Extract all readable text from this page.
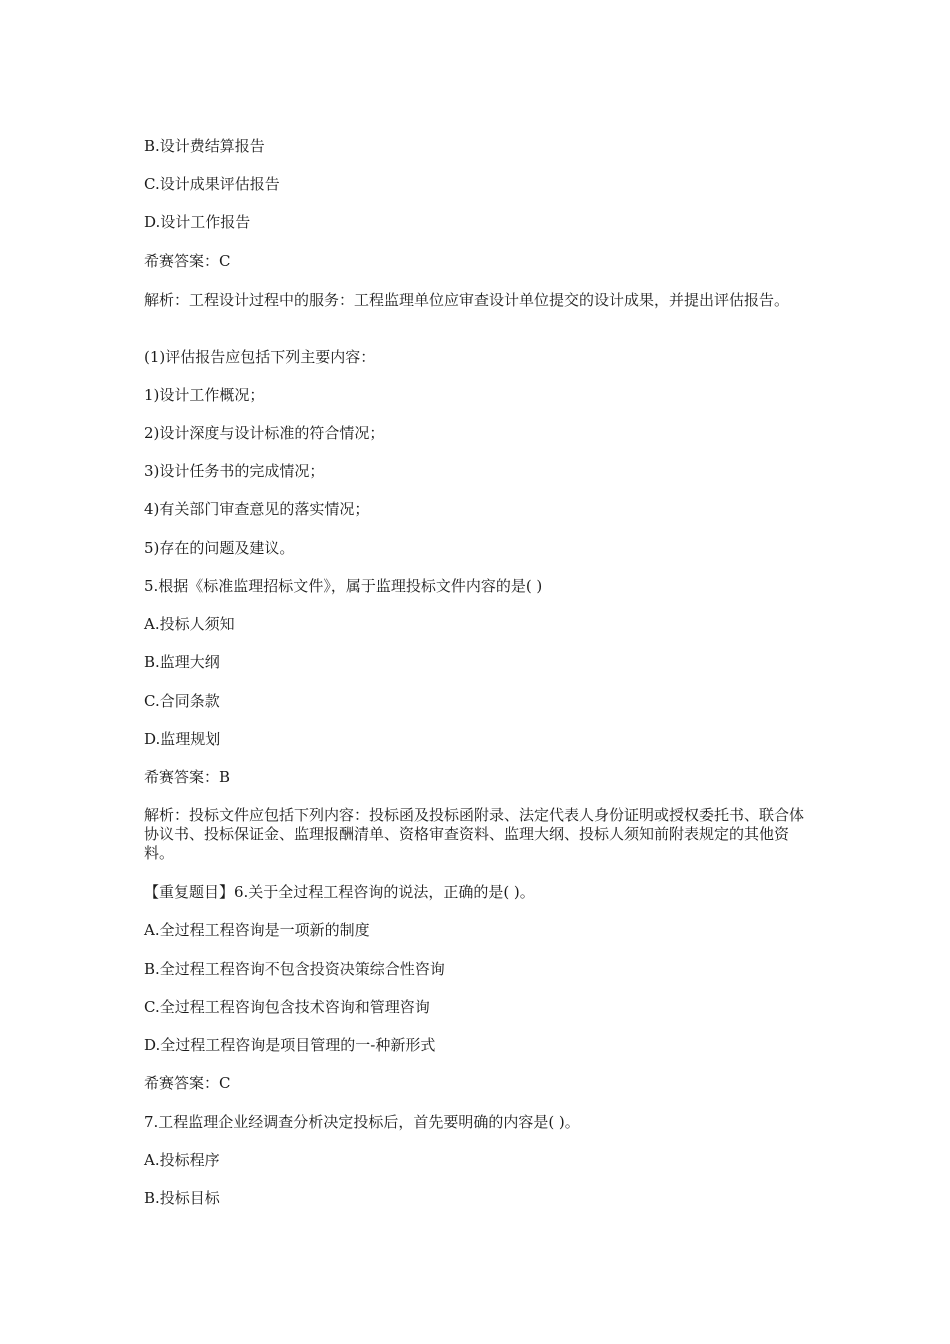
B.设计费结算报告
C.设计成果评估报告
D.设计工作报告
希赛答案：C
解析：工程设计过程中的服务：工程监理单位应审查设计单位提交的设计成果，并提出评估报告。
(1)评估报告应包括下列主要内容：
1)设计工作概况；
2)设计深度与设计标准的符合情况；
3)设计任务书的完成情况；
4)有关部门审查意见的落实情况；
5)存在的问题及建议。
5.根据《标准监理招标文件》，属于监理投标文件内容的是( )
A.投标人须知
B.监理大纲
C.合同条款
D.监理规划
希赛答案：B
解析：投标文件应包括下列内容：投标函及投标函附录、法定代表人身份证明或授权委托书、联合体协议书、投标保证金、监理报酬清单、资格审查资料、监理大纲、投标人须知前附表规定的其他资料。
【重复题目】6.关于全过程工程咨询的说法，正确的是( )。
A.全过程工程咨询是一项新的制度
B.全过程工程咨询不包含投资决策综合性咨询
C.全过程工程咨询包含技术咨询和管理咨询
D.全过程工程咨询是项目管理的一-种新形式
希赛答案：C
7.工程监理企业经调查分析决定投标后，首先要明确的内容是( )。
A.投标程序
B.投标目标
